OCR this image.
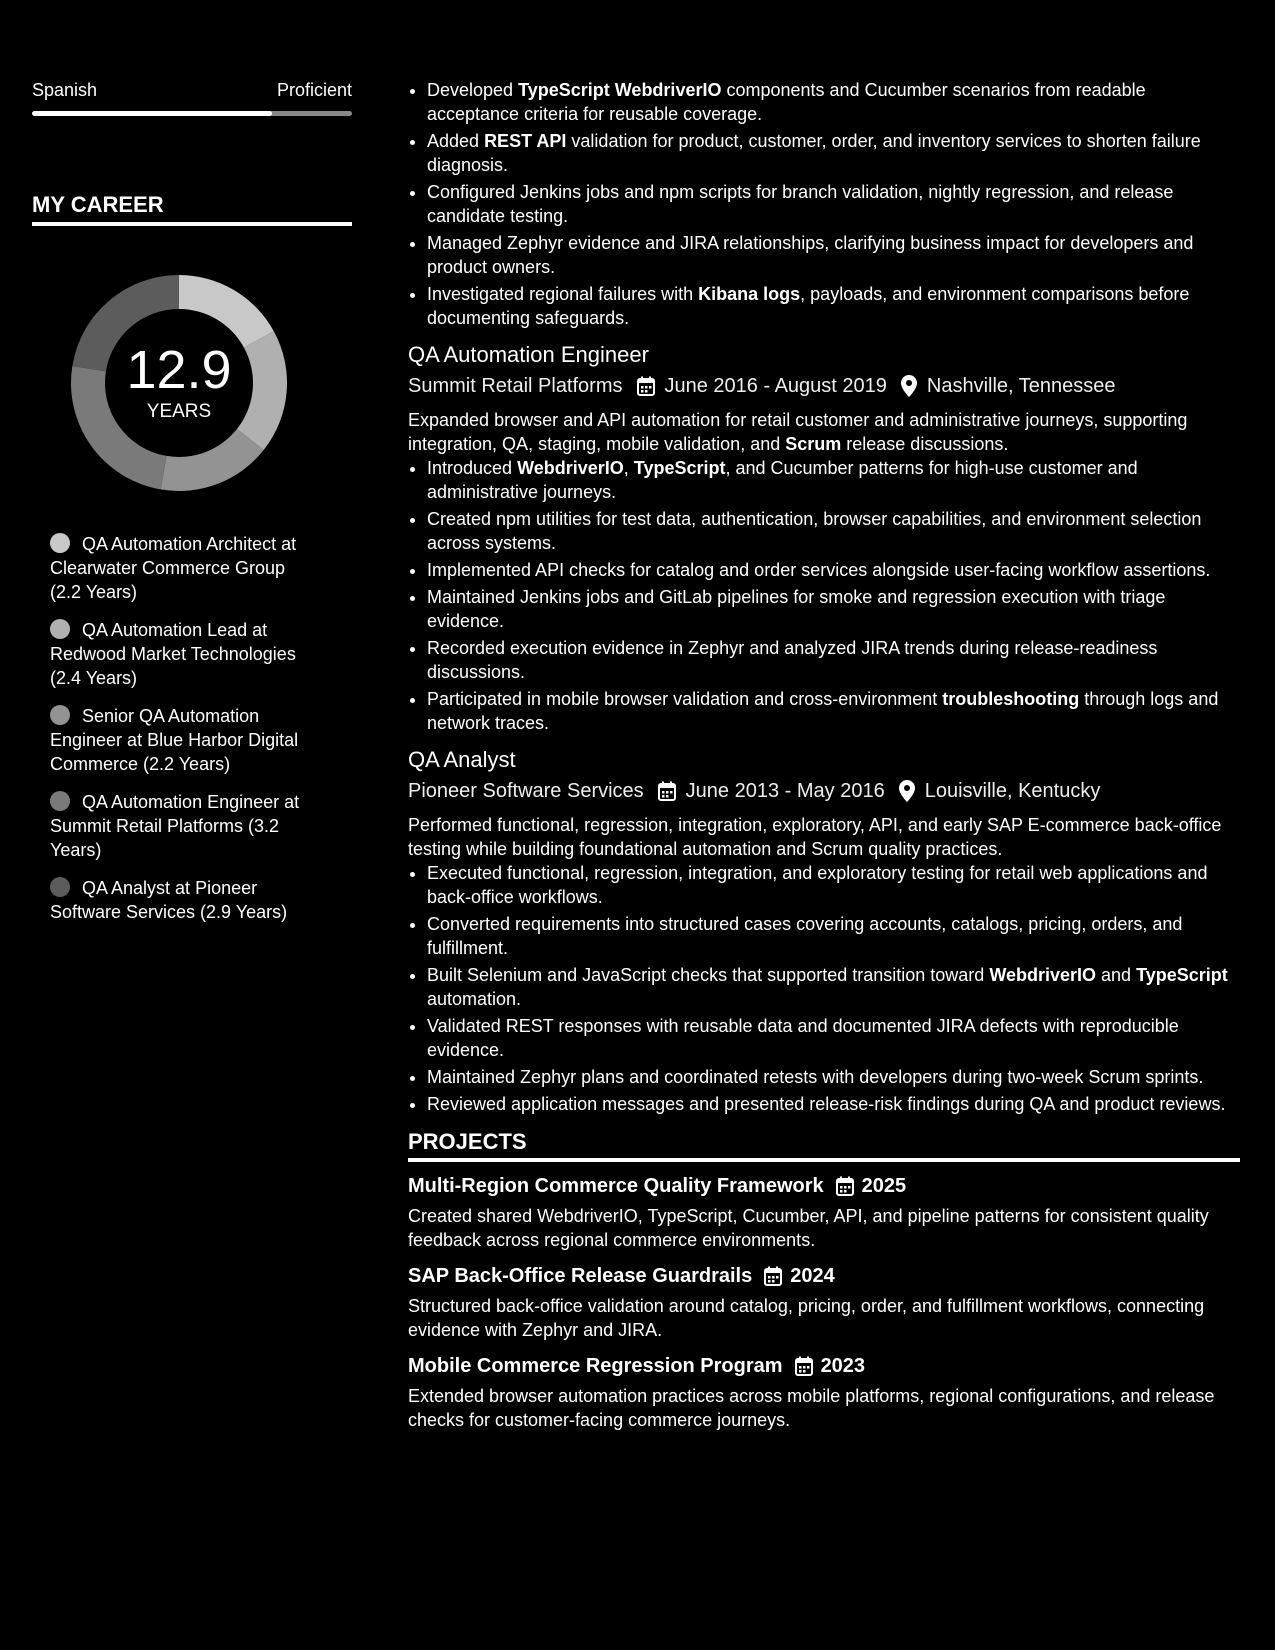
Spanish	Proficient
MY CAREER
12.9
YEARS
QA Automation Architect at Clearwater Commerce Group (2.2 Years)
QA Automation Lead at Redwood Market Technologies (2.4 Years)
Senior QA Automation Engineer at Blue Harbor Digital Commerce (2.2 Years)
QA Automation Engineer at Summit Retail Platforms (3.2 Years)
QA Analyst at Pioneer Software Services (2.9 Years)
• Developed TypeScript WebdriverIO components and Cucumber scenarios from readable acceptance criteria for reusable coverage.
• Added REST API validation for product, customer, order, and inventory services to shorten failure diagnosis.
• Configured Jenkins jobs and npm scripts for branch validation, nightly regression, and release candidate testing.
• Managed Zephyr evidence and JIRA relationships, clarifying business impact for developers and product owners.
• Investigated regional failures with Kibana logs, payloads, and environment comparisons before documenting safeguards.
QA Automation Engineer
Summit Retail Platforms June 2016 - August 2019 Nashville, Tennessee
Expanded browser and API automation for retail customer and administrative journeys, supporting integration, QA, staging, mobile validation, and Scrum release discussions.
• Introduced WebdriverIO, TypeScript, and Cucumber patterns for high-use customer and administrative journeys.
• Created npm utilities for test data, authentication, browser capabilities, and environment selection across systems.
• Implemented API checks for catalog and order services alongside user-facing workflow assertions.
• Maintained Jenkins jobs and GitLab pipelines for smoke and regression execution with triage evidence.
• Recorded execution evidence in Zephyr and analyzed JIRA trends during release-readiness discussions.
• Participated in mobile browser validation and cross-environment troubleshooting through logs and network traces.
QA Analyst
Pioneer Software Services June 2013 - May 2016 Louisville, Kentucky
Performed functional, regression, integration, exploratory, API, and early SAP E-commerce back-office testing while building foundational automation and Scrum quality practices.
• Executed functional, regression, integration, and exploratory testing for retail web applications and back-office workflows.
• Converted requirements into structured cases covering accounts, catalogs, pricing, orders, and fulfillment.
• Built Selenium and JavaScript checks that supported transition toward WebdriverIO and TypeScript automation.
• Validated REST responses with reusable data and documented JIRA defects with reproducible evidence.
• Maintained Zephyr plans and coordinated retests with developers during two-week Scrum sprints.
• Reviewed application messages and presented release-risk findings during QA and product reviews.
PROJECTS
Multi-Region Commerce Quality Framework 2025
Created shared WebdriverIO, TypeScript, Cucumber, API, and pipeline patterns for consistent quality feedback across regional commerce environments.
SAP Back-Office Release Guardrails 2024
Structured back-office validation around catalog, pricing, order, and fulfillment workflows, connecting evidence with Zephyr and JIRA.
Mobile Commerce Regression Program 2023
Extended browser automation practices across mobile platforms, regional configurations, and release checks for customer-facing commerce journeys.
